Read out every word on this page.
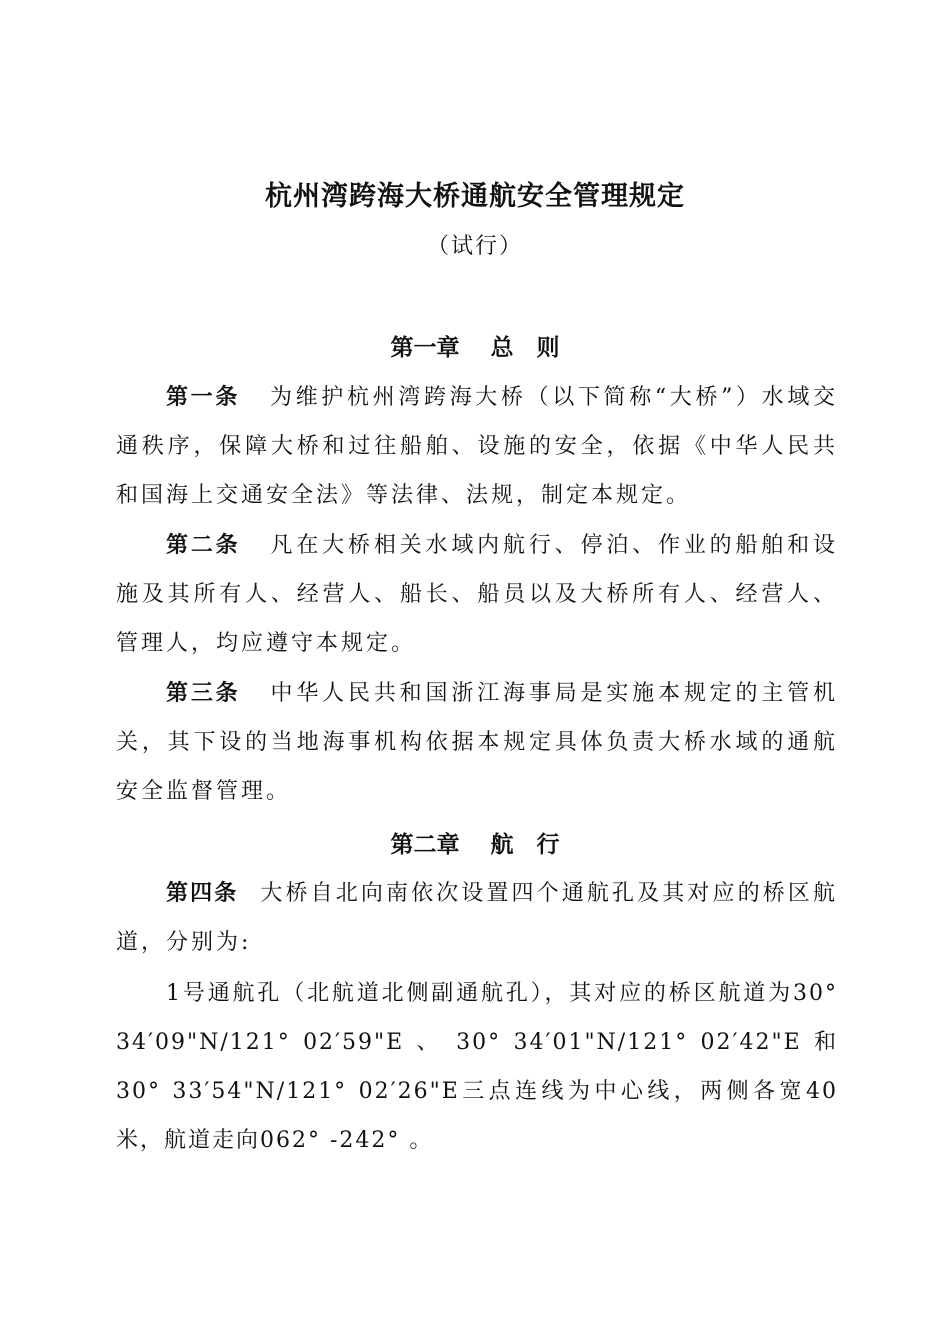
杭州湾跨海大桥通航安全管理规定
（试行）
第一章　 总　则
第一条 为维护杭州湾跨海大桥（以下简称“大桥”）水域交通秩序，保障大桥和过往船舶、设施的安全，依据《中华人民共和国海上交通安全法》等法律、法规，制定本规定。
第二条 凡在大桥相关水域内航行、停泊、作业的船舶和设施及其所有人、经营人、船长、船员以及大桥所有人、经营人、管理人，均应遵守本规定。
第三条 中华人民共和国浙江海事局是实施本规定的主管机关，其下设的当地海事机构依据本规定具体负责大桥水域的通航安全监督管理。
第二章　 航　行
第四条 大桥自北向南依次设置四个通航孔及其对应的桥区航道，分别为:
1号通航孔（北航道北侧副通航孔），其对应的桥区航道为30° 34′09"N/121° 02′59"E 、 30° 34′01"N/121° 02′42"E 和30° 33′54"N/121° 02′26"E三点连线为中心线，两侧各宽40米，航道走向062° -242° 。
